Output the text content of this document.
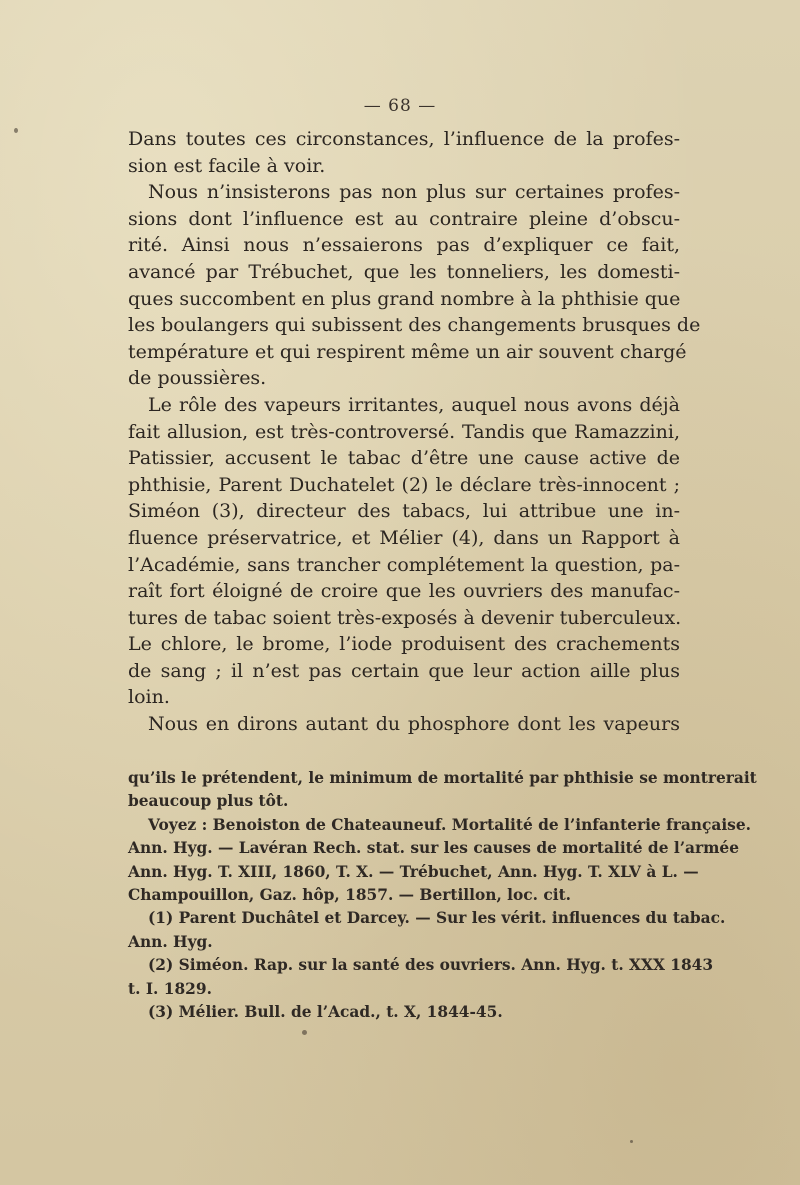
— 68 —
Dans toutes ces circonstances, l’influence de la profes-
sion est facile à voir.
Nous n’insisterons pas non plus sur certaines profes-
sions dont l’influence est au contraire pleine d’obscu-
rité. Ainsi nous n’essaierons pas d’expliquer ce fait,
avancé par Trébuchet, que les tonneliers, les domesti-
ques succombent en plus grand nombre à la phthisie que
les boulangers qui subissent des changements brusques de
température et qui respirent même un air souvent chargé
de poussières.
Le rôle des vapeurs irritantes, auquel nous avons déjà
fait allusion, est très-controversé. Tandis que Ramazzini,
Patissier, accusent le tabac d’être une cause active de
phthisie, Parent Duchatelet (2) le déclare très-innocent ;
Siméon (3), directeur des tabacs, lui attribue une in-
fluence préservatrice, et Mélier (4), dans un Rapport à
l’Académie, sans trancher complétement la question, pa-
raît fort éloigné de croire que les ouvriers des manufac-
tures de tabac soient très-exposés à devenir tuberculeux.
Le chlore, le brome, l’iode produisent des crachements
de sang ; il n’est pas certain que leur action aille plus
loin.
Nous en dirons autant du phosphore dont les vapeurs
qu’ils le prétendent, le minimum de mortalité par phthisie se montrerait
beaucoup plus tôt.
Voyez : Benoiston de Chateauneuf. Mortalité de l’infanterie française.
Ann. Hyg. — Lavéran Rech. stat. sur les causes de mortalité de l’armée
Ann. Hyg. T. XIII, 1860, T. X. — Trébuchet, Ann. Hyg. T. XLV à L. —
Champouillon, Gaz. hôp, 1857. — Bertillon, loc. cit.
(1) Parent Duchâtel et Darcey. — Sur les vérit. influences du tabac.
Ann. Hyg.
(2) Siméon. Rap. sur la santé des ouvriers. Ann. Hyg. t. XXX 1843
t. I. 1829.
(3) Mélier. Bull. de l’Acad., t. X, 1844-45.
